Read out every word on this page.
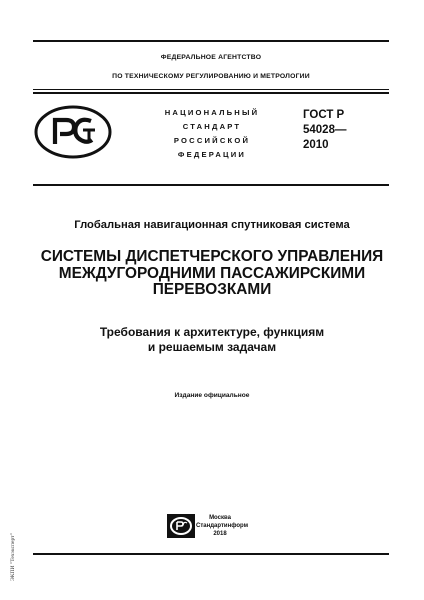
ФЕДЕРАЛЬНОЕ АГЕНТСТВО
ПО ТЕХНИЧЕСКОМУ РЕГУЛИРОВАНИЮ И МЕТРОЛОГИИ
НАЦИОНАЛЬНЫЙ
СТАНДАРТ
РОССИЙСКОЙ
ФЕДЕРАЦИИ
ГОСТ Р
54028—
2010
Глобальная навигационная спутниковая система
СИСТЕМЫ ДИСПЕТЧЕРСКОГО УПРАВЛЕНИЯ
МЕЖДУГОРОДНИМИ ПАССАЖИРСКИМИ
ПЕРЕВОЗКАМИ
Требования к архитектуре, функциям
и решаемым задачам
Издание официальное
Москва
Стандартинформ
2018
ЭКПИ "Техэксперт"
